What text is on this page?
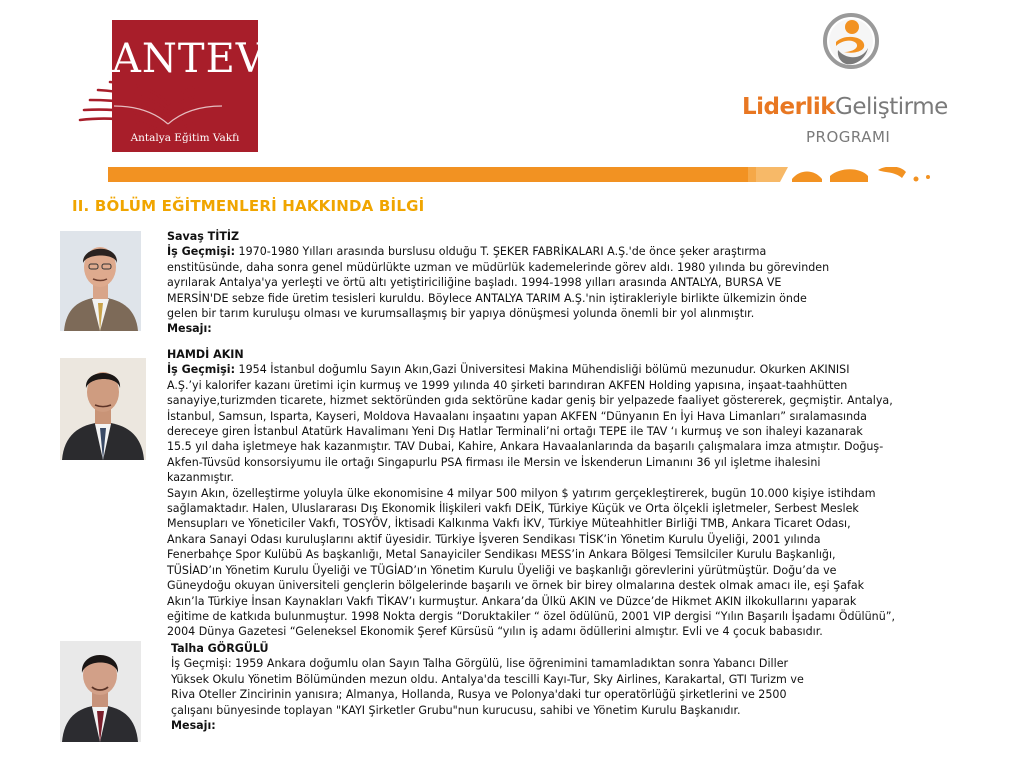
ANTEV
Antalya Eğitim Vakfı
LiderlikGeliştirme
PROGRAMI
II. BÖLÜM EĞİTMENLERİ HAKKINDA BİLGİ
Savaş TİTİZ
İş Geçmişi: 1970-1980 Yılları arasında burslusu olduğu T. ŞEKER FABRİKALARI A.Ş.'de önce şeker araştırma
enstitüsünde, daha sonra genel müdürlükte uzman ve müdürlük kademelerinde görev aldı. 1980 yılında bu görevinden
ayrılarak Antalya'ya yerleşti ve örtü altı yetiştiriciliğine başladı. 1994-1998 yılları arasında ANTALYA, BURSA VE
MERSİN'DE sebze fide üretim tesisleri kuruldu. Böylece ANTALYA TARIM A.Ş.'nin iştirakleriyle birlikte ülkemizin önde
gelen bir tarım kuruluşu olması ve kurumsallaşmış bir yapıya dönüşmesi yolunda önemli bir yol alınmıştır.
Mesajı:
HAMDİ AKIN
İş Geçmişi: 1954 İstanbul doğumlu Sayın Akın,Gazi Üniversitesi Makina Mühendisliği bölümü mezunudur. Okurken AKINISI
A.Ş.’yi kalorifer kazanı üretimi için kurmuş ve 1999 yılında 40 şirketi barındıran AKFEN Holding yapısına, inşaat-taahhütten
sanayiye,turizmden ticarete, hizmet sektöründen gıda sektörüne kadar geniş bir yelpazede faaliyet göstererek, geçmiştir. Antalya,
İstanbul, Samsun, Isparta, Kayseri, Moldova Havaalanı inşaatını yapan AKFEN “Dünyanın En İyi Hava Limanları” sıralamasında
dereceye giren İstanbul Atatürk Havalimanı Yeni Dış Hatlar Terminali’ni ortağı TEPE ile TAV ‘ı kurmuş ve son ihaleyi kazanarak
15.5 yıl daha işletmeye hak kazanmıştır. TAV Dubai, Kahire, Ankara Havaalanlarında da başarılı çalışmalara imza atmıştır. Doğuş-
Akfen-Tüvsüd konsorsiyumu ile ortağı Singapurlu PSA firması ile Mersin ve İskenderun Limanını 36 yıl işletme ihalesini
kazanmıştır.
Sayın Akın, özelleştirme yoluyla ülke ekonomisine 4 milyar 500 milyon $ yatırım gerçekleştirerek, bugün 10.000 kişiye istihdam
sağlamaktadır. Halen, Uluslararası Dış Ekonomik İlişkileri vakfı DEİK, Türkiye Küçük ve Orta ölçekli işletmeler, Serbest Meslek
Mensupları ve Yöneticiler Vakfı, TOSYÖV, İktisadi Kalkınma Vakfı İKV, Türkiye Müteahhitler Birliği TMB, Ankara Ticaret Odası,
Ankara Sanayi Odası kuruluşlarını aktif üyesidir. Türkiye İşveren Sendikası TİSK’in Yönetim Kurulu Üyeliği, 2001 yılında
Fenerbahçe Spor Kulübü As başkanlığı, Metal Sanayiciler Sendikası MESS’in Ankara Bölgesi Temsilciler Kurulu Başkanlığı,
TÜSİAD’ın Yönetim Kurulu Üyeliği ve TÜGİAD’ın Yönetim Kurulu Üyeliği ve başkanlığı görevlerini yürütmüştür. Doğu’da ve
Güneydoğu okuyan üniversiteli gençlerin bölgelerinde başarılı ve örnek bir birey olmalarına destek olmak amacı ile, eşi Şafak
Akın’la Türkiye İnsan Kaynakları Vakfı TİKAV’ı kurmuştur. Ankara’da Ülkü AKIN ve Düzce’de Hikmet AKIN ilkokullarını yaparak
eğitime de katkıda bulunmuştur. 1998 Nokta dergis “Doruktakiler “ özel ödülünü, 2001 VIP dergisi “Yılın Başarılı İşadamı Ödülünü”,
2004 Dünya Gazetesi “Geleneksel Ekonomik Şeref Kürsüsü “yılın iş adamı ödüllerini almıştır. Evli ve 4 çocuk babasıdır.
Talha GÖRGÜLÜ
İş Geçmişi: 1959 Ankara doğumlu olan Sayın Talha Görgülü, lise öğrenimini tamamladıktan sonra Yabancı Diller
Yüksek Okulu Yönetim Bölümünden mezun oldu. Antalya'da tescilli Kayı-Tur, Sky Airlines, Karakartal, GTI Turizm ve
Riva Oteller Zincirinin yanısıra; Almanya, Hollanda, Rusya ve Polonya'daki tur operatörlüğü şirketlerini ve 2500
çalışanı bünyesinde toplayan "KAYI Şirketler Grubu"nun kurucusu, sahibi ve Yönetim Kurulu Başkanıdır.
Mesajı:
